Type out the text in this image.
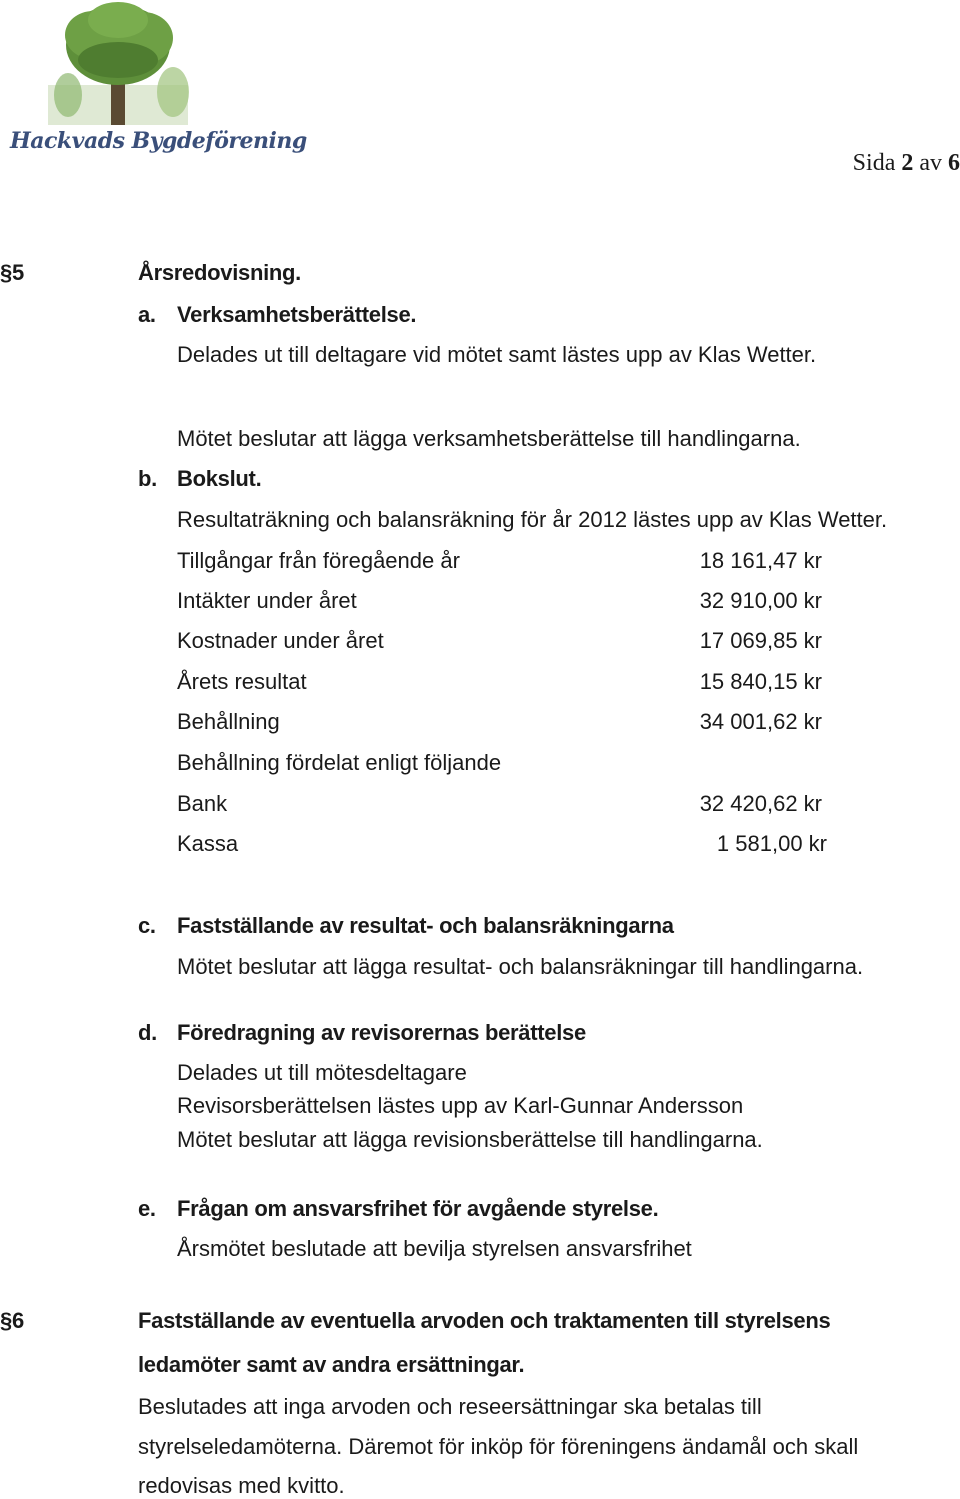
Hackvads Bygdeförening
Sida 2 av 6
§5	Årsredovisning.
a. Verksamhetsberättelse.
Delades ut till deltagare vid mötet samt lästes upp av Klas Wetter.
Mötet beslutar att lägga verksamhetsberättelse till handlingarna.
b. Bokslut.
Resultaträkning och balansräkning för år 2012 lästes upp av Klas Wetter.
Tillgångar från föregående år	18 161,47 kr
Intäkter under året	32 910,00 kr
Kostnader under året	17 069,85 kr
Årets resultat	15 840,15 kr
Behållning	34 001,62 kr
Behållning fördelat enligt följande
Bank	32 420,62 kr
Kassa	1 581,00 kr
c. Fastställande av resultat- och balansräkningarna
Mötet beslutar att lägga resultat- och balansräkningar till handlingarna.
d. Föredragning av revisorernas berättelse
Delades ut till mötesdeltagare
Revisorsberättelsen lästes upp av Karl-Gunnar Andersson
Mötet beslutar att lägga revisionsberättelse till handlingarna.
e. Frågan om ansvarsfrihet för avgående styrelse.
Årsmötet beslutade att bevilja styrelsen ansvarsfrihet
§6	Fastställande av eventuella arvoden och traktamenten till styrelsens
ledamöter samt av andra ersättningar.
Beslutades att inga arvoden och reseersättningar ska betalas till
styrelseledamöterna. Däremot för inköp för föreningens ändamål och skall
redovisas med kvitto.
